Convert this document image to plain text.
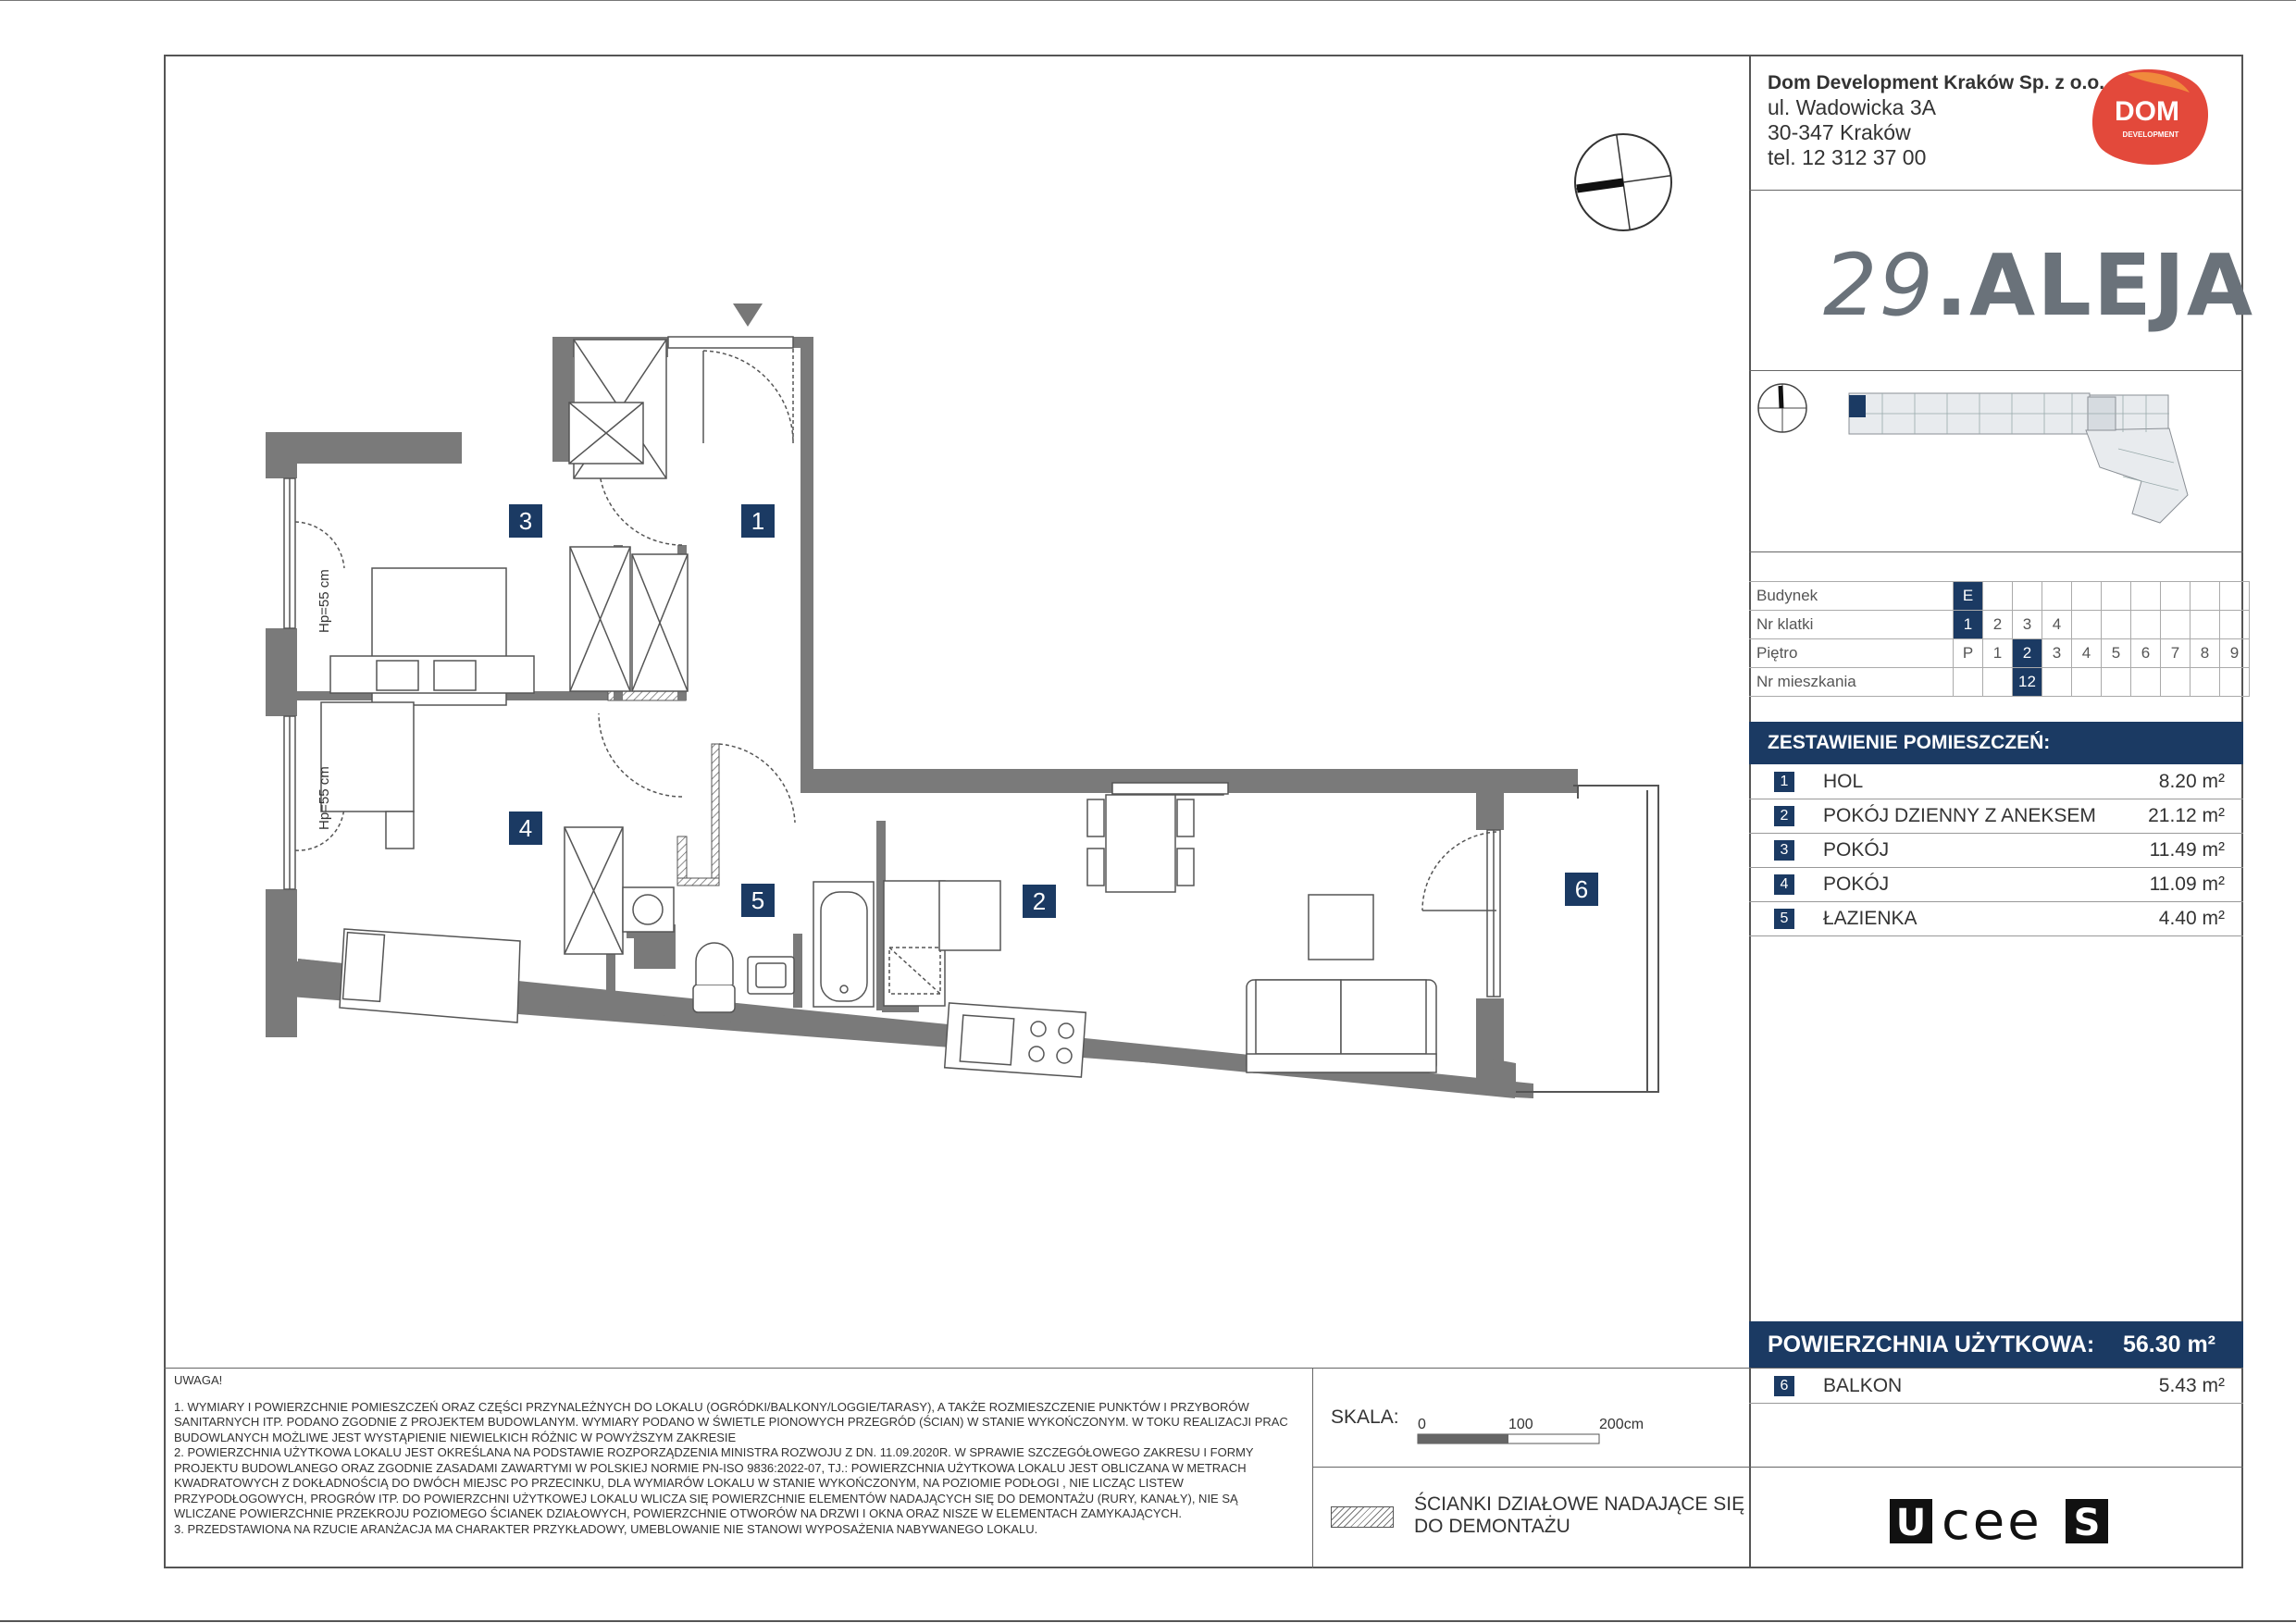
3	1
4
5	2	6
Hp=55 cm
Hp=55 cm
Dom Development Kraków Sp. z o.o.
ul. Wadowicka 3A
30-347 Kraków
tel. 12 312 37 00
DOM
DEVELOPMENT
29.ALEJA
Budynek	E									
Nr klatki	1	2	3	4						
Piętro	P	1	2	3	4	5	6	7	8	9
Nr mieszkania			12							
ZESTAWIENIE POMIESZCZEŃ:
1	HOL	8.20 m²
2	POKÓJ DZIENNY Z ANEKSEM	21.12 m²
3	POKÓJ	11.49 m²
4	POKÓJ	11.09 m²
5	ŁAZIENKA	4.40 m²
POWIERZCHNIA UŻYTKOWA: 56.30 m²
6	BALKON	5.43 m²

UWAGA!

1. WYMIARY I POWIERZCHNIE POMIESZCZEŃ ORAZ CZĘŚCI PRZYNALEŻNYCH DO LOKALU (OGRÓDKI/BALKONY/LOGGIE/TARASY), A TAKŻE ROZMIESZCZENIE PUNKTÓW I PRZYBORÓW SANITARNYCH ITP. PODANO ZGODNIE Z PROJEKTEM BUDOWLANYM. WYMIARY PODANO W ŚWIETLE PIONOWYCH PRZEGRÓD (ŚCIAN) W STANIE WYKOŃCZONYM. W TOKU REALIZACJI PRAC BUDOWLANYCH MOŻLIWE JEST WYSTĄPIENIE NIEWIELKICH RÓŻNIC W POWYŻSZYM ZAKRESIE
2. POWIERZCHNIA UŻYTKOWA LOKALU JEST OKREŚLANA NA PODSTAWIE ROZPORZĄDZENIA MINISTRA ROZWOJU Z DN. 11.09.2020R. W SPRAWIE SZCZEGÓŁOWEGO ZAKRESU I FORMY PROJEKTU BUDOWLANEGO ORAZ ZGODNIE ZASADAMI ZAWARTYMI W POLSKIEJ NORMIE PN-ISO 9836:2022-07, TJ.: POWIERZCHNIA UŻYTKOWA LOKALU JEST OBLICZANA W METRACH KWADRATOWYCH Z DOKŁADNOŚCIĄ DO DWÓCH MIEJSC PO PRZECINKU, DLA WYMIARÓW LOKALU W STANIE WYKOŃCZONYM, NA POZIOMIE PODŁOGI , NIE LICZĄC LISTEW PRZYPODŁOGOWYCH, PROGRÓW ITP. DO POWIERZCHNI UŻYTKOWEJ LOKALU WLICZA SIĘ POWIERZCHNIE ELEMENTÓW NADAJĄCYCH SIĘ DO DEMONTAŻU (RURY, KANAŁY), NIE SĄ WLICZANE POWIERZCHNIE PRZEKROJU POZIOMEGO ŚCIANEK DZIAŁOWYCH, POWIERZCHNIE OTWORÓW NA DRZWI I OKNA ORAZ NISZE W ELEMENTACH ZAMYKAJĄCYCH.
3. PRZEDSTAWIONA NA RZUCIE ARANŻACJA MA CHARAKTER PRZYKŁADOWY, UMEBLOWANIE NIE STANOWI WYPOSAŻENIA NABYWANEGO LOKALU.
SKALA: 0	100	200cm
ŚCIANKI DZIAŁOWE NADAJĄCE SIĘ
DO DEMONTAŻU	U cee S
